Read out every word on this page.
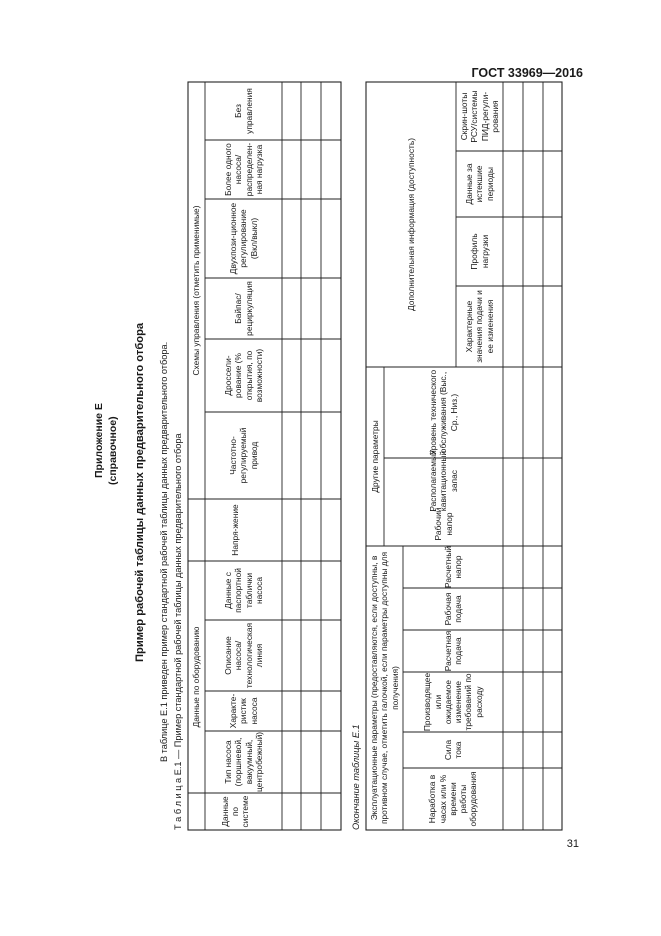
ГОСТ 33969—2016
31
Приложение Е (справочное) Пример рабочей таблицы данных предварительного отбора В таблице Е.1 приведен пример стандартной рабочей таблицы данных предварительного отбора. Т а б л и ц а Е.1 — Пример стандартной рабочей таблицы данных предварительного отбора Данные по оборудованию
Схемы управления (отметить применимые)
Данные по системе
Тип насоса (поршневой, вакуумный, центробежный)
Характе-ристик насоса
Описание насоса/ технологическая линия
Данные с паспортной таблички насоса
Напря-жение
Частотно-регулируемый привод
Дроссели-рование (% открытия, по возможности)
Байпас/ рециркуляция
Двухпози-ционное регулирование (Вкл/выкл)
Более одного насоса/ распределен-ная нагрузка
Без управления
Окончание таблицы Е.1 Эксплуатационные параметры (предоставляются, если доступны, в противном случае, отметить галочкой, если параметры доступны для получения)
Другие параметры
Дополнительная информация (доступность)
Наработка в часах или % времени работы оборудования
Сила тока
Производящее или ожидаемое изменение требований по расходу
Расчетная подача
Рабочая подача
Расчетный напор
Рабочий напор
Располагаемый кавитационный запас
Уровень технического обслуживания (Выс., Ср., Низ.)
Характерные значения подачи и ее изменения
Профиль нагрузки
Данные за истекшие периоды
Скрин-шоты РСУ/системы ПИД-регули-рования
